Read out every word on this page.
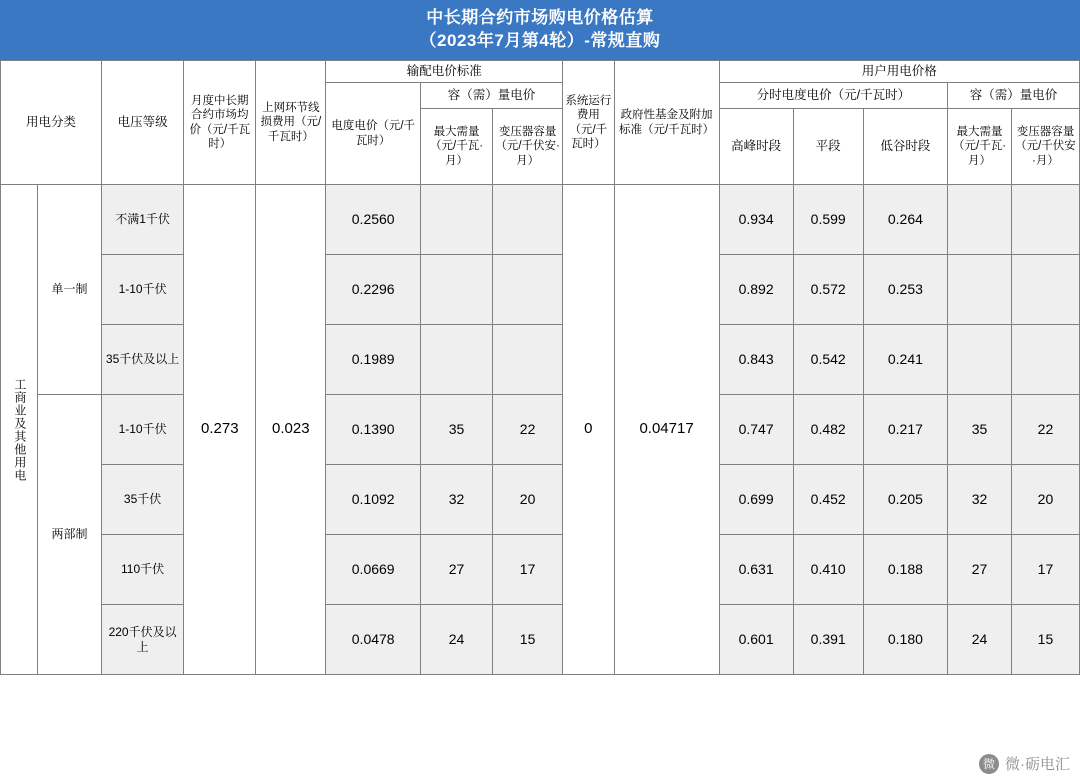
中长期合约市场购电价格估算
（2023年7月第4轮）-常规直购
用电分类		电压等级	月度中长期合约市场均价（元/千瓦时）	上网环节线损费用（元/千瓦时）	输配电价标准			系统运行费用（元/千瓦时）	政府性基金及附加标准（元/千瓦时）	用户用电价格				
					电度电价（元/千瓦时）	容（需）量电价				分时电度电价（元/千瓦时）			容（需）量电价	
						最大需量（元/千瓦·月）	变压器容量（元/千伏安·月）			高峰时段	平段	低谷时段	最大需量（元/千瓦·月）	变压器容量（元/千伏安·月）

工商业及其他用电	单一制	不满1千伏	0.273	0.023	0.2560			0	0.04717	0.934	0.599	0.264		
		1-10千伏			0.2296					0.892	0.572	0.253		
		35千伏及以上			0.1989					0.843	0.542	0.241		
	两部制	1-10千伏			0.1390	35	22			0.747	0.482	0.217	35	22
		35千伏			0.1092	32	20			0.699	0.452	0.205	32	20
		110千伏			0.0669	27	17			0.631	0.410	0.188	27	17
		220千伏及以上			0.0478	24	15			0.601	0.391	0.180	24	15
微 微·砺电汇
